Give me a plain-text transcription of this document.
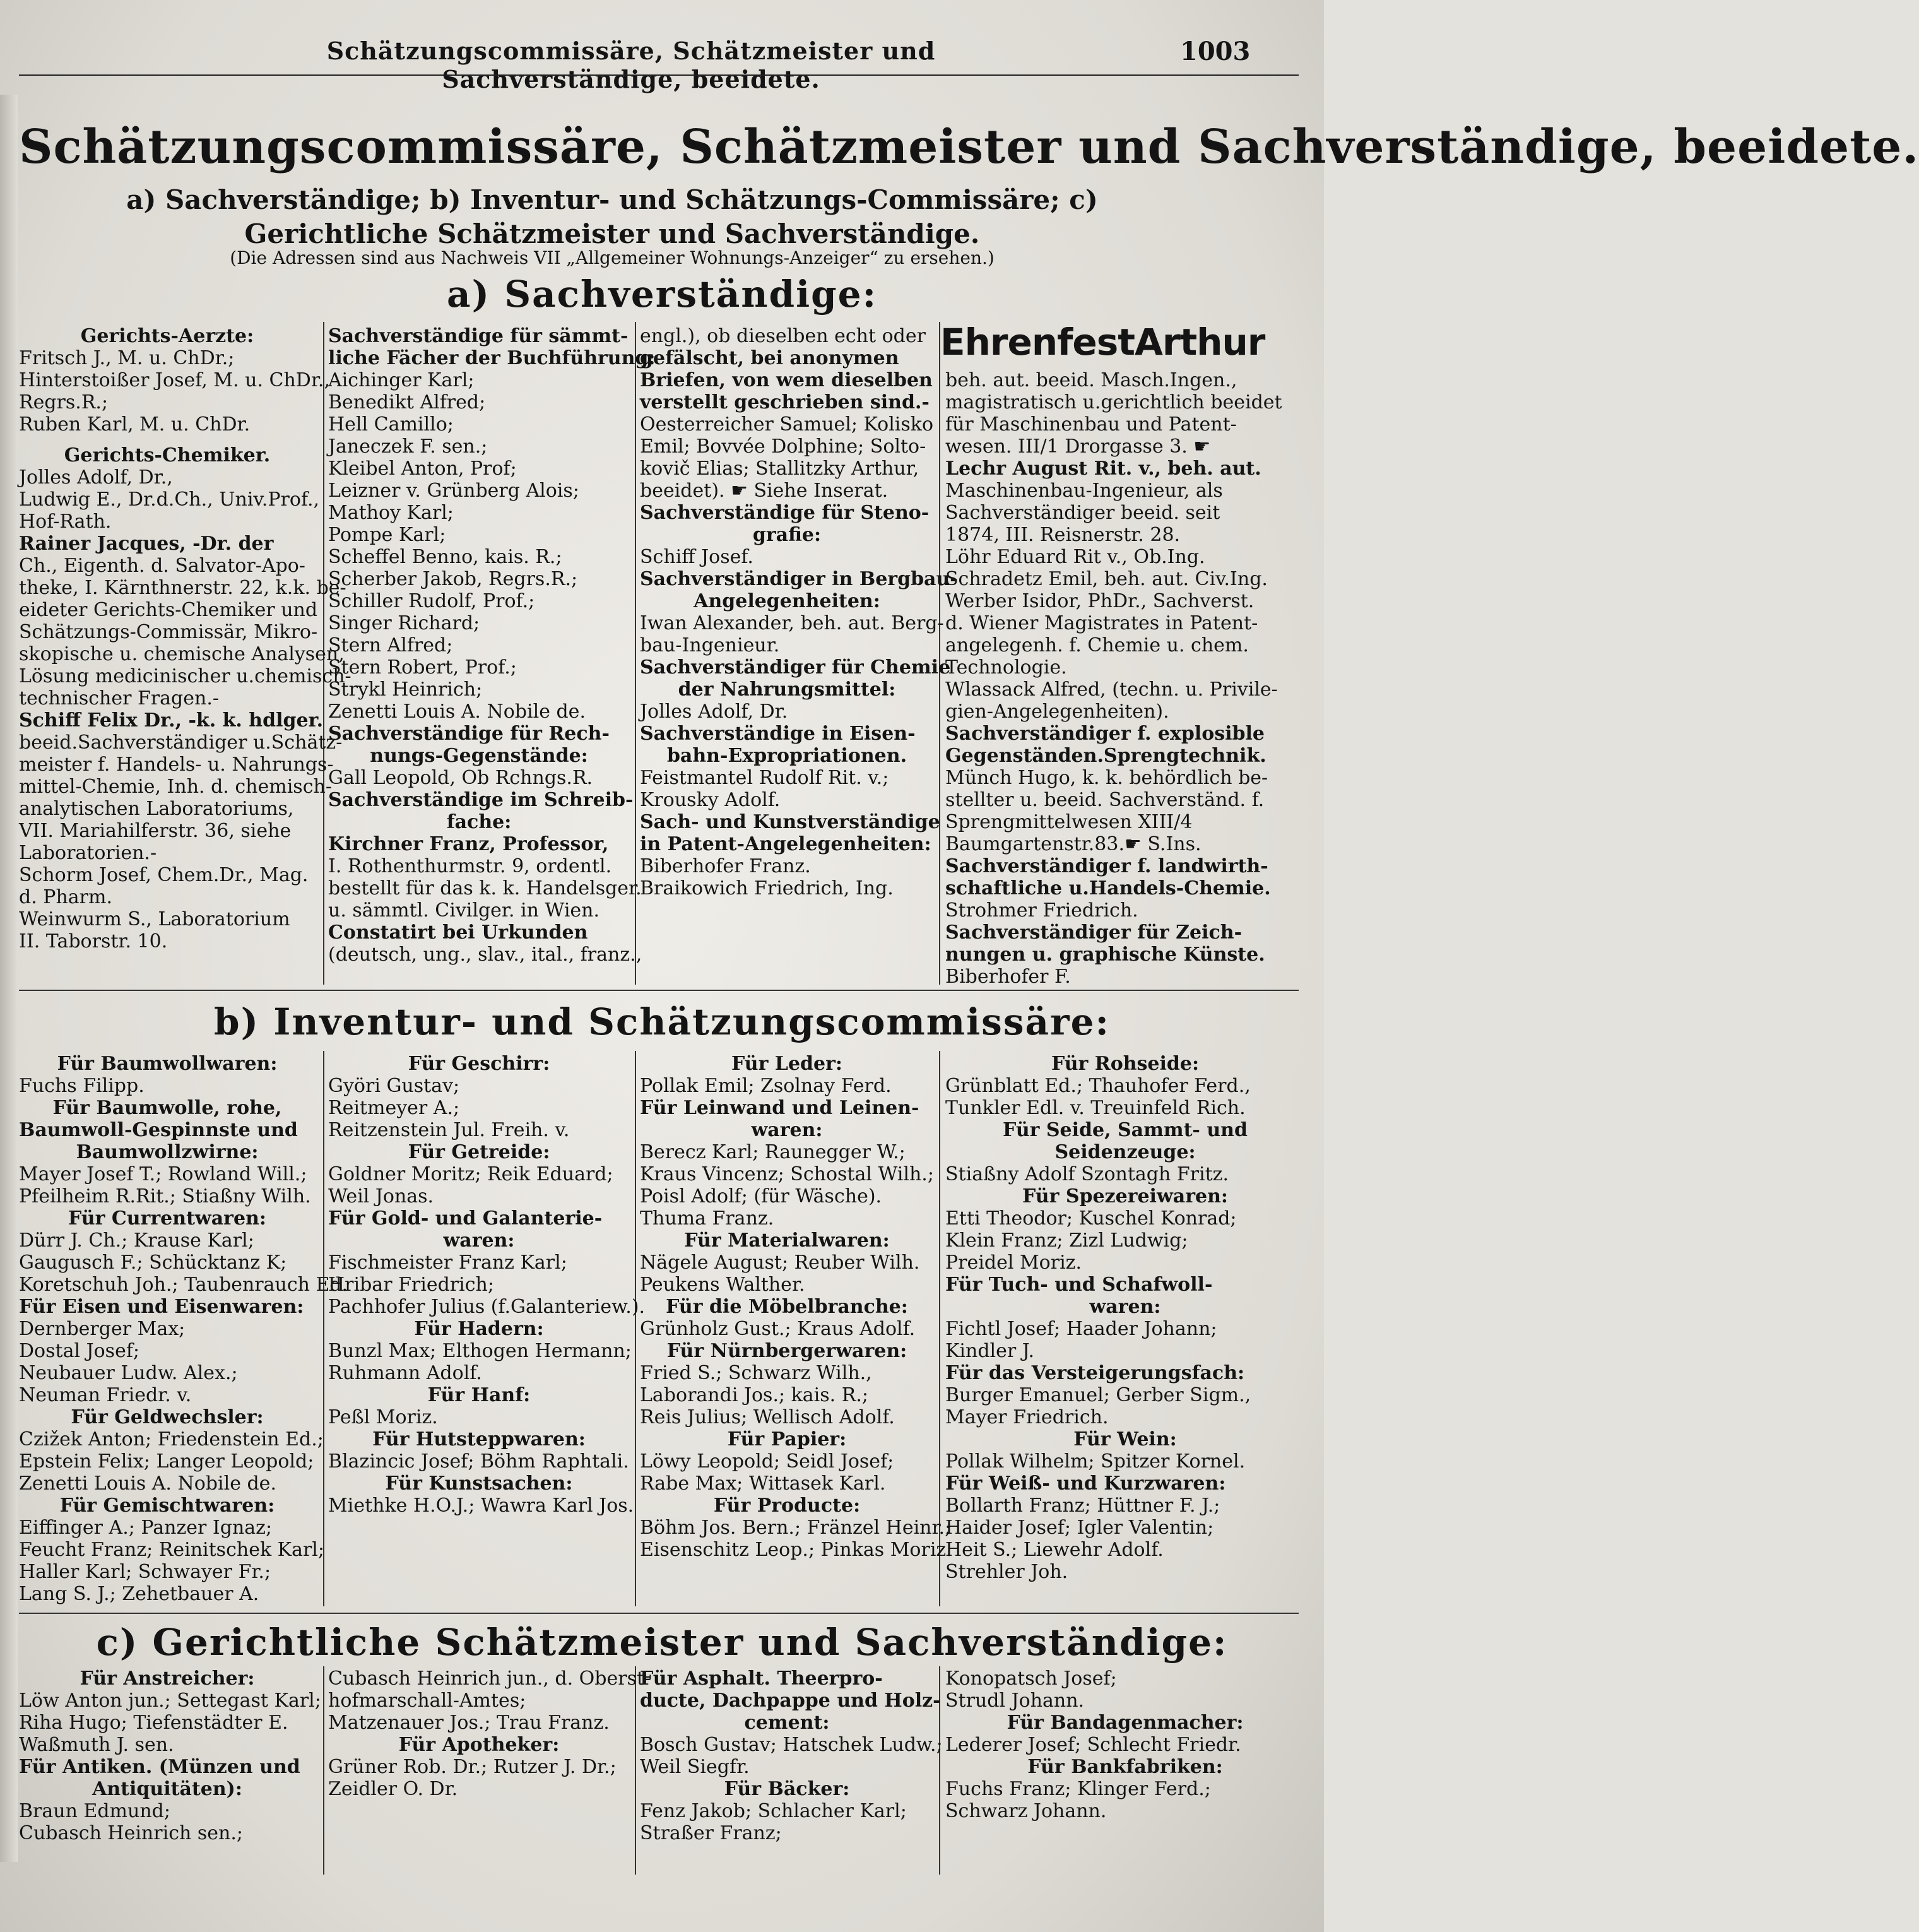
Schätzungscommissäre, Schätzmeister und Sachverständige, beeidete.
1003
Schätzungscommissäre, Schätzmeister und Sachverständige, beeidete.
a) Sachverständige; b) Inventur- und Schätzungs-Commissäre; c) Gerichtliche Schätzmeister und Sachverständige.
(Die Adressen sind aus Nachweis VII „Allgemeiner Wohnungs-Anzeiger“ zu ersehen.)
a) Sachverständige:
Gerichts-Aerzte:
Fritsch J., M. u. ChDr.;
Hinterstoißer Josef, M. u. ChDr.,
Regrs.R.;
Ruben Karl, M. u. ChDr.
Gerichts-Chemiker.
Jolles Adolf, Dr.,
Ludwig E., Dr.d.Ch., Univ.Prof.,
Hof-Rath.
Rainer Jacques, -Dr. der
Ch., Eigenth. d. Salvator-Apo-
theke, I. Kärnthnerstr. 22, k.k. be-
eideter Gerichts-Chemiker und
Schätzungs-Commissär, Mikro-
skopische u. chemische Analysen,
Lösung medicinischer u.chemisch-
technischer Fragen.-
Schiff Felix Dr., -k. k. hdlger.
beeid.Sachverständiger u.Schätz-
meister f. Handels- u. Nahrungs-
mittel-Chemie, Inh. d. chemisch-
analytischen Laboratoriums,
VII. Mariahilferstr. 36, siehe
Laboratorien.-
Schorm Josef, Chem.Dr., Mag.
d. Pharm.
Weinwurm S., Laboratorium
II. Taborstr. 10.
Sachverständige für sämmt-
liche Fächer der Buchführung:
Aichinger Karl;
Benedikt Alfred;
Hell Camillo;
Janeczek F. sen.;
Kleibel Anton, Prof;
Leizner v. Grünberg Alois;
Mathoy Karl;
Pompe Karl;
Scheffel Benno, kais. R.;
Scherber Jakob, Regrs.R.;
Schiller Rudolf, Prof.;
Singer Richard;
Stern Alfred;
Stern Robert, Prof.;
Strykl Heinrich;
Zenetti Louis A. Nobile de.
Sachverständige für Rech-
nungs-Gegenstände:
Gall Leopold, Ob Rchngs.R.
Sachverständige im Schreib-
fache:
Kirchner Franz, Professor,
I. Rothenthurmstr. 9, ordentl.
bestellt für das k. k. Handelsger.
u. sämmtl. Civilger. in Wien.
Constatirt bei Urkunden
(deutsch, ung., slav., ital., franz.,
engl.), ob dieselben echt oder
gefälscht, bei anonymen
Briefen, von wem dieselben
verstellt geschrieben sind.-
Oesterreicher Samuel; Kolisko
Emil; Bovvée Dolphine; Solto-
kovič Elias; Stallitzky Arthur,
beeidet). ☛ Siehe Inserat.
Sachverständige für Steno-
grafie:
Schiff Josef.
Sachverständiger in Bergbau-
Angelegenheiten:
Iwan Alexander, beh. aut. Berg-
bau-Ingenieur.
Sachverständiger für Chemie
der Nahrungsmittel:
Jolles Adolf, Dr.
Sachverständige in Eisen-
bahn-Expropriationen.
Feistmantel Rudolf Rit. v.;
Krousky Adolf.
Sach- und Kunstverständige
in Patent-Angelegenheiten:
Biberhofer Franz.
Braikowich Friedrich, Ing.
EhrenfestArthur
beh. aut. beeid. Masch.Ingen.,
magistratisch u.gerichtlich beeidet
für Maschinenbau und Patent-
wesen. III/1 Drorgasse 3. ☛
Lechr August Rit. v., beh. aut.
Maschinenbau-Ingenieur, als
Sachverständiger beeid. seit
1874, III. Reisnerstr. 28.
Löhr Eduard Rit v., Ob.Ing.
Schradetz Emil, beh. aut. Civ.Ing.
Werber Isidor, PhDr., Sachverst.
d. Wiener Magistrates in Patent-
angelegenh. f. Chemie u. chem.
Technologie.
Wlassack Alfred, (techn. u. Privile-
gien-Angelegenheiten).
Sachverständiger f. explosible
Gegenständen.Sprengtechnik.
Münch Hugo, k. k. behördlich be-
stellter u. beeid. Sachverständ. f.
Sprengmittelwesen XIII/4
Baumgartenstr.83.☛ S.Ins.
Sachverständiger f. landwirth-
schaftliche u.Handels-Chemie.
Strohmer Friedrich.
Sachverständiger für Zeich-
nungen u. graphische Künste.
Biberhofer F.
b) Inventur- und Schätzungscommissäre:
Für Baumwollwaren:
Fuchs Filipp.
Für Baumwolle, rohe,
Baumwoll-Gespinnste und
Baumwollzwirne:
Mayer Josef T.; Rowland Will.;
Pfeilheim R.Rit.; Stiaßny Wilh.
Für Currentwaren:
Dürr J. Ch.; Krause Karl;
Gaugusch F.; Schücktanz K;
Koretschuh Joh.; Taubenrauch Ed.
Für Eisen und Eisenwaren:
Dernberger Max;
Dostal Josef;
Neubauer Ludw. Alex.;
Neuman Friedr. v.
Für Geldwechsler:
Czižek Anton; Friedenstein Ed.;
Epstein Felix; Langer Leopold;
Zenetti Louis A. Nobile de.
Für Gemischtwaren:
Eiffinger A.; Panzer Ignaz;
Feucht Franz; Reinitschek Karl;
Haller Karl; Schwayer Fr.;
Lang S. J.; Zehetbauer A.
Für Geschirr:
Györi Gustav;
Reitmeyer A.;
Reitzenstein Jul. Freih. v.
Für Getreide:
Goldner Moritz; Reik Eduard;
Weil Jonas.
Für Gold- und Galanterie-
waren:
Fischmeister Franz Karl;
Hribar Friedrich;
Pachhofer Julius (f.Galanteriew.).
Für Hadern:
Bunzl Max; Elthogen Hermann;
Ruhmann Adolf.
Für Hanf:
Peßl Moriz.
Für Hutsteppwaren:
Blazincic Josef; Böhm Raphtali.
Für Kunstsachen:
Miethke H.O.J.; Wawra Karl Jos.
Für Leder:
Pollak Emil; Zsolnay Ferd.
Für Leinwand und Leinen-
waren:
Berecz Karl; Raunegger W.;
Kraus Vincenz; Schostal Wilh.;
Poisl Adolf; (für Wäsche).
Thuma Franz.
Für Materialwaren:
Nägele August; Reuber Wilh.
Peukens Walther.
Für die Möbelbranche:
Grünholz Gust.; Kraus Adolf.
Für Nürnbergerwaren:
Fried S.; Schwarz Wilh.,
Laborandi Jos.; kais. R.;
Reis Julius; Wellisch Adolf.
Für Papier:
Löwy Leopold; Seidl Josef;
Rabe Max; Wittasek Karl.
Für Producte:
Böhm Jos. Bern.; Fränzel Heinr.;
Eisenschitz Leop.; Pinkas Moriz.
Für Rohseide:
Grünblatt Ed.; Thauhofer Ferd.,
Tunkler Edl. v. Treuinfeld Rich.
Für Seide, Sammt- und
Seidenzeuge:
Stiaßny Adolf Szontagh Fritz.
Für Spezereiwaren:
Etti Theodor; Kuschel Konrad;
Klein Franz; Zizl Ludwig;
Preidel Moriz.
Für Tuch- und Schafwoll-
waren:
Fichtl Josef; Haader Johann;
Kindler J.
Für das Versteigerungsfach:
Burger Emanuel; Gerber Sigm.,
Mayer Friedrich.
Für Wein:
Pollak Wilhelm; Spitzer Kornel.
Für Weiß- und Kurzwaren:
Bollarth Franz; Hüttner F. J.;
Haider Josef; Igler Valentin;
Heit S.; Liewehr Adolf.
Strehler Joh.
c) Gerichtliche Schätzmeister und Sachverständige:
Für Anstreicher:
Löw Anton jun.; Settegast Karl;
Riha Hugo; Tiefenstädter E.
Waßmuth J. sen.
Für Antiken. (Münzen und
Antiquitäten):
Braun Edmund;
Cubasch Heinrich sen.;
Cubasch Heinrich jun., d. Oberst-
hofmarschall-Amtes;
Matzenauer Jos.; Trau Franz.
Für Apotheker:
Grüner Rob. Dr.; Rutzer J. Dr.;
Zeidler O. Dr.
Für Asphalt. Theerpro-
ducte, Dachpappe und Holz-
cement:
Bosch Gustav; Hatschek Ludw.;
Weil Siegfr.
Für Bäcker:
Fenz Jakob; Schlacher Karl;
Straßer Franz;
Konopatsch Josef;
Strudl Johann.
Für Bandagenmacher:
Lederer Josef; Schlecht Friedr.
Für Bankfabriken:
Fuchs Franz; Klinger Ferd.;
Schwarz Johann.
